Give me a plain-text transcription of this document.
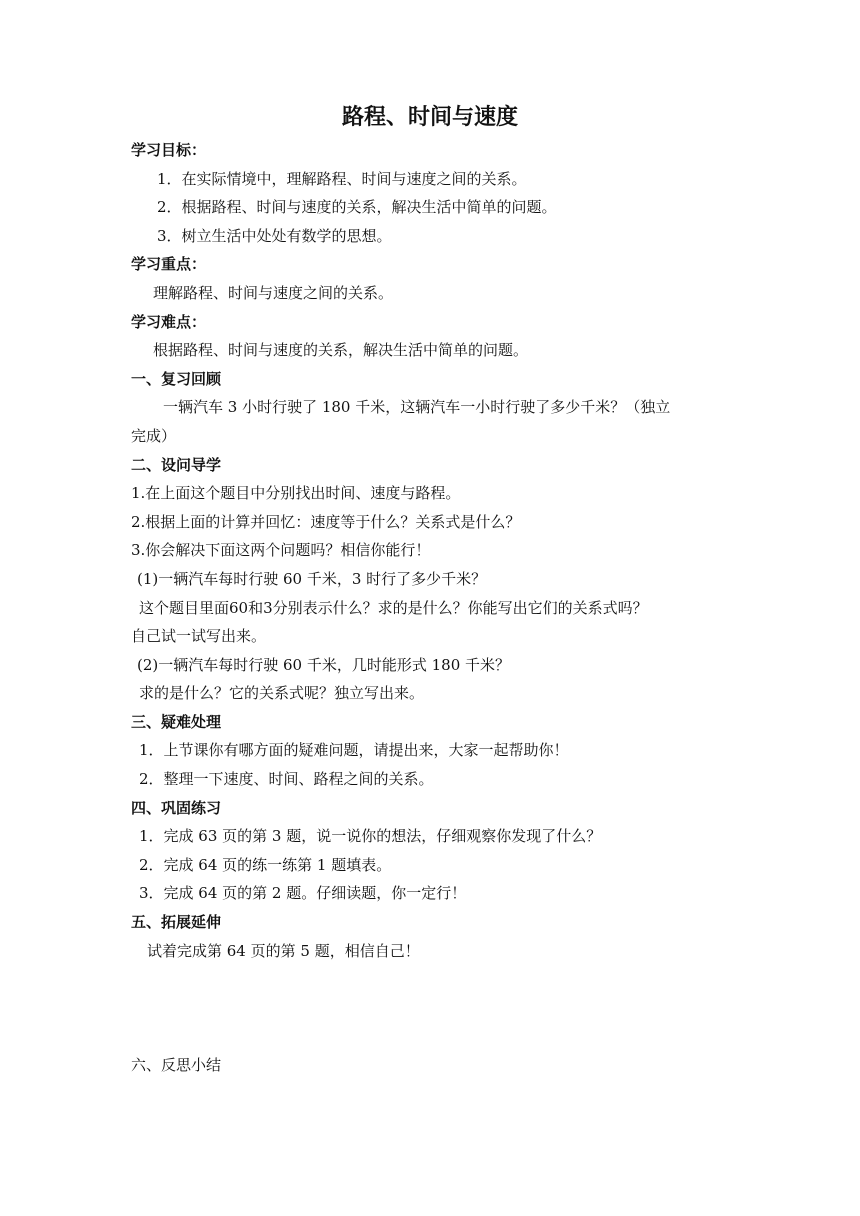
路程、时间与速度
学习目标：
1．在实际情境中，理解路程、时间与速度之间的关系。
2．根据路程、时间与速度的关系，解决生活中简单的问题。
3．树立生活中处处有数学的思想。
学习重点：
理解路程、时间与速度之间的关系。
学习难点：
根据路程、时间与速度的关系，解决生活中简单的问题。
一、复习回顾
一辆汽车 3 小时行驶了 180 千米，这辆汽车一小时行驶了多少千米？（独立
完成）
二、设问导学
1.在上面这个题目中分别找出时间、速度与路程。
2.根据上面的计算并回忆：速度等于什么？关系式是什么？
3.你会解决下面这两个问题吗？相信你能行！
(1)一辆汽车每时行驶 60 千米，3 时行了多少千米？
这个题目里面60和3分别表示什么？求的是什么？你能写出它们的关系式吗？
自己试一试写出来。
(2)一辆汽车每时行驶 60 千米，几时能形式 180 千米？
求的是什么？它的关系式呢？独立写出来。
三、疑难处理
1．上节课你有哪方面的疑难问题，请提出来，大家一起帮助你！
2．整理一下速度、时间、路程之间的关系。
四、巩固练习
1．完成 63 页的第 3 题，说一说你的想法，仔细观察你发现了什么？
2．完成 64 页的练一练第 1 题填表。
3．完成 64 页的第 2 题。仔细读题，你一定行！
五、拓展延伸
试着完成第 64 页的第 5 题，相信自己！
六、反思小结
